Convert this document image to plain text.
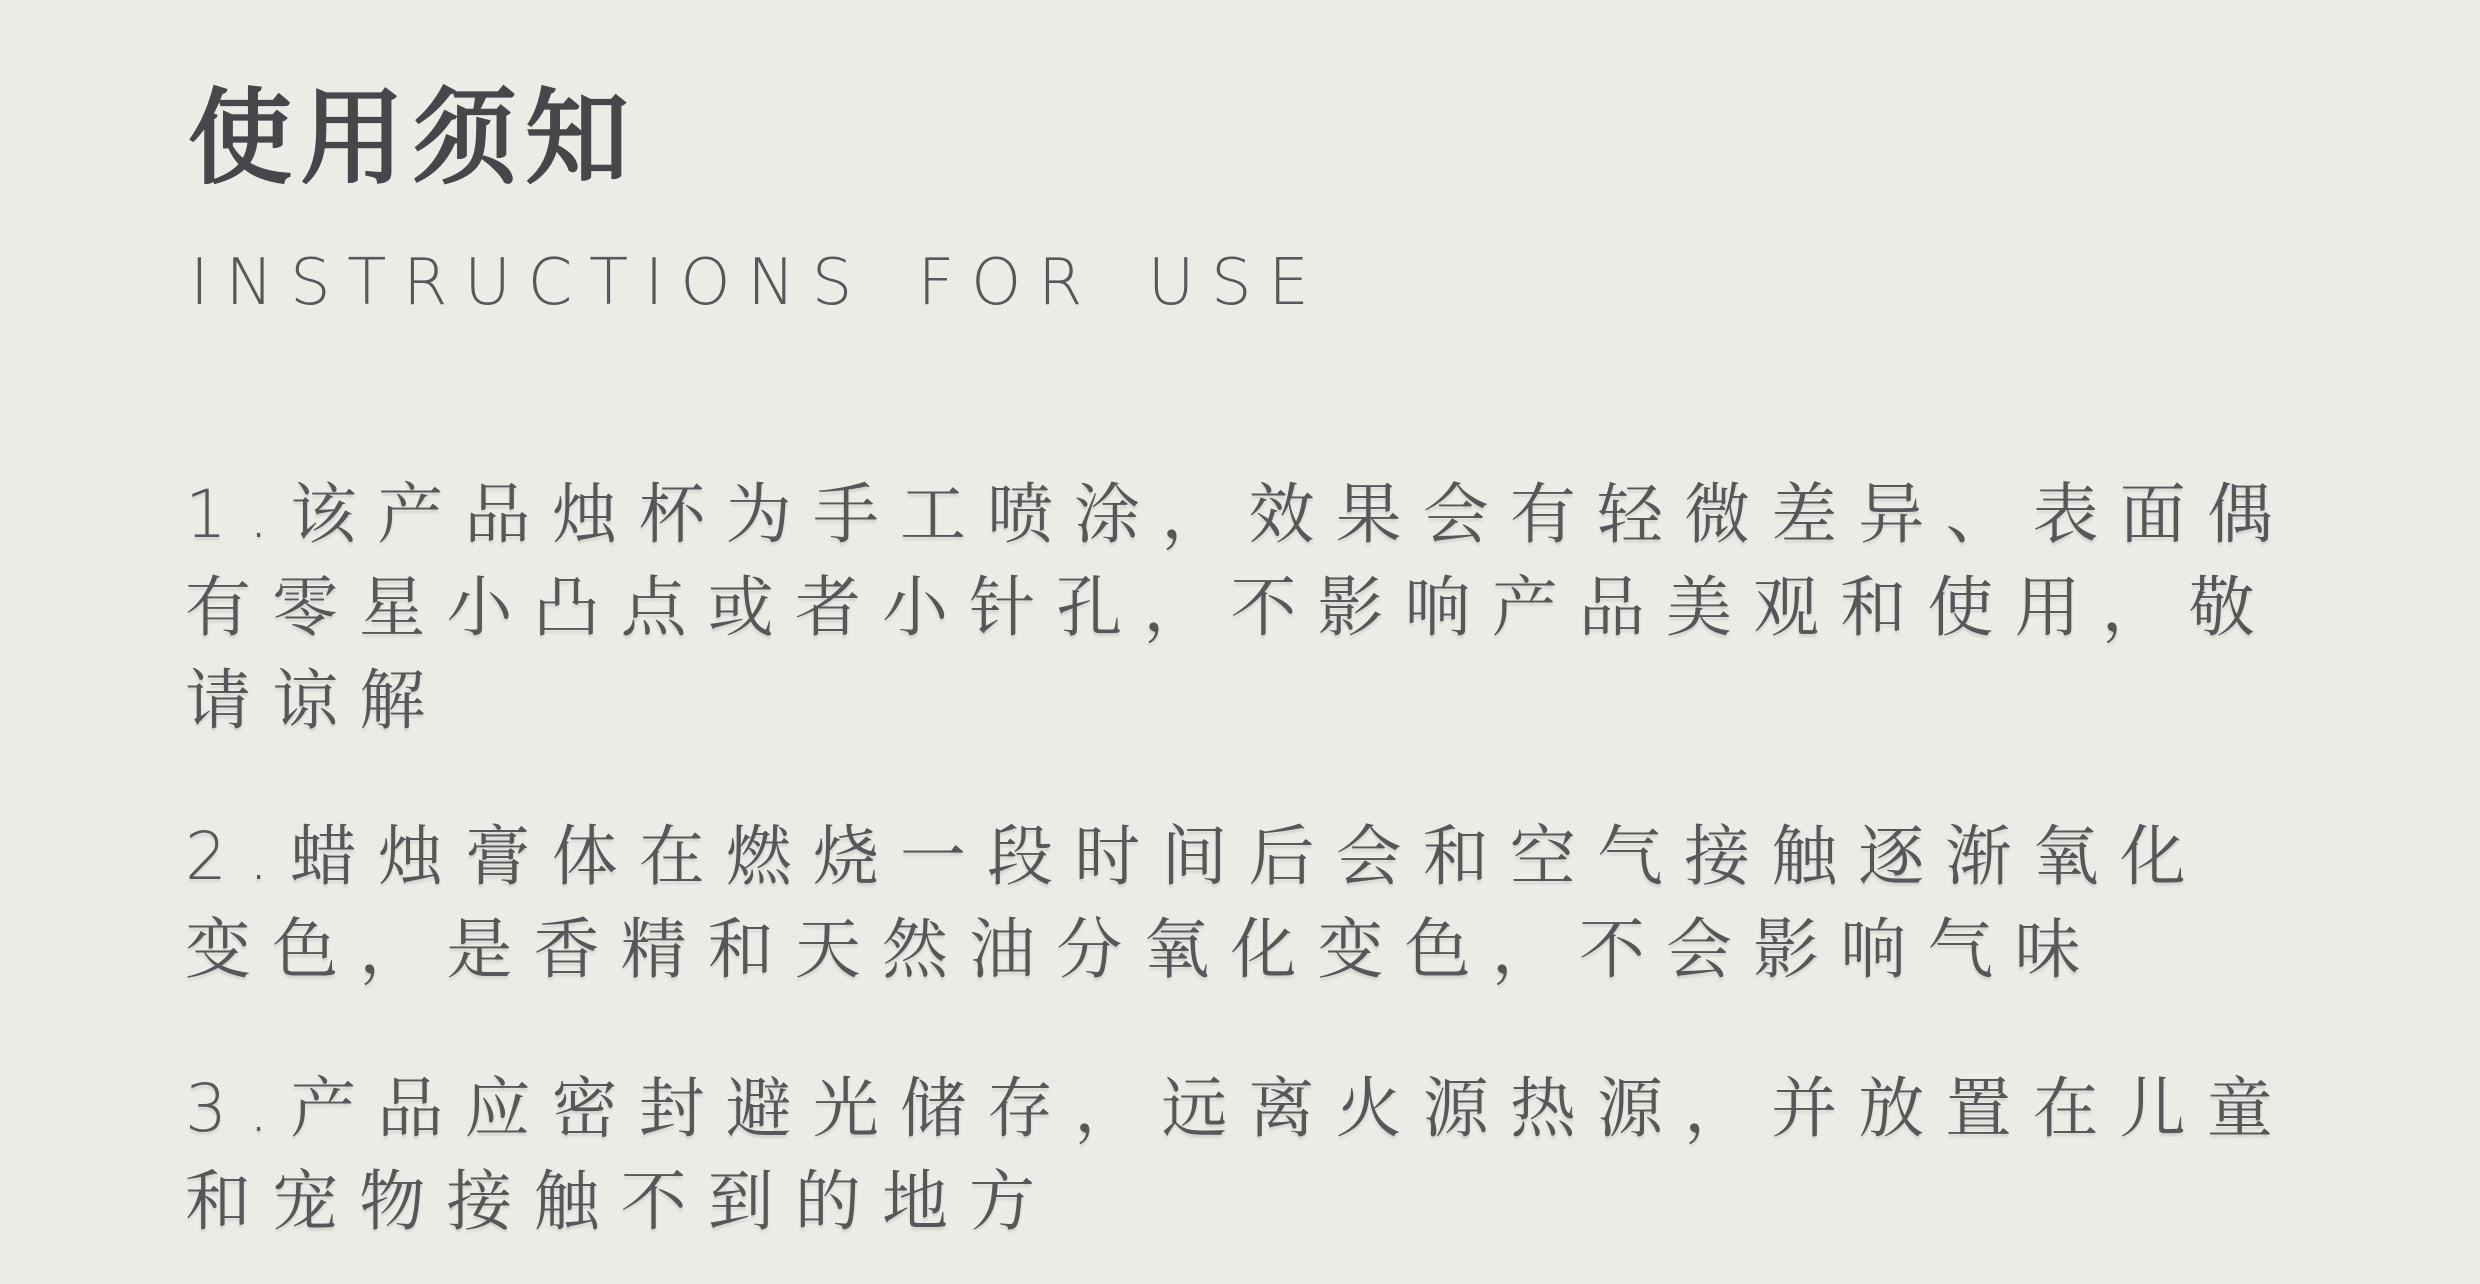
使用须知
INSTRUCTIONS FOR USE
1.该产品烛杯为手工喷涂，效果会有轻微差异、表面偶
有零星小凸点或者小针孔，不影响产品美观和使用，敬
请谅解
2.蜡烛膏体在燃烧一段时间后会和空气接触逐渐氧化
变色，是香精和天然油分氧化变色，不会影响气味
3.产品应密封避光储存，远离火源热源，并放置在儿童
和宠物接触不到的地方
